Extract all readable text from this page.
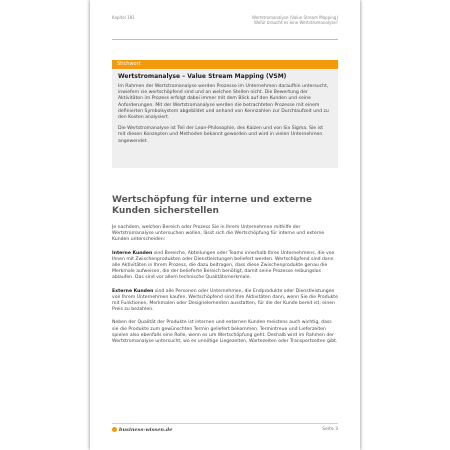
Kapitel 181	Wertstromanalyse (Value Stream Mapping)
Wofür braucht es eine Wertstromanalyse?
Stichwort
Wertstromanalyse – Value Stream Mapping (VSM)

Im Rahmen der Wertstromanalyse werden Prozesse im Unternehmen daraufhin untersucht, inwiefern sie wertschöpfend sind und an welchen Stellen nicht. Die Bewertung der Aktivitäten im Prozess erfolgt dabei immer mit dem Blick auf den Kunden und seine Anforderungen. Mit der Wertstromanalyse werden die betrachteten Prozesse mit einem definierten Symbolsystem abgebildet und anhand von Kennzahlen zur Durchlaufzeit und zu den Kosten analysiert.

Die Wertstromanalyse ist Teil der Lean-Philosophie, des Kaizen und von Six Sigma. Sie ist mit diesen Konzepten und Methoden bekannt geworden und wird in vielen Unternehmen angewendet.

Wertschöpfung für interne und externe Kunden sicherstellen

Je nachdem, welchen Bereich oder Prozess Sie in Ihrem Unternehmen mithilfe der Wertstromanalyse untersuchen wollen, lässt sich die Wertschöpfung für interne und externe Kunden unterscheiden:

Interne Kunden sind Bereiche, Abteilungen oder Teams innerhalb Ihres Unternehmens, die von Ihnen mit Zwischenprodukten oder Dienstleistungen beliefert werden. Wertschöpfend sind dann alle Aktivitäten in Ihrem Prozess, die dazu beitragen, dass diese Zwischenprodukte genau die Merkmale aufweisen, die der belieferte Bereich benötigt, damit seine Prozesse reibungslos ablaufen. Das sind vor allem technische Qualitätsmerkmale.

Externe Kunden sind alle Personen oder Unternehmen, die Endprodukte oder Dienstleistungen von Ihrem Unternehmen kaufen. Wertschöpfend sind Ihre Aktivitäten dann, wenn Sie die Produkte mit Funktionen, Merkmalen oder Designelementen ausstatten, für die der Kunde bereit ist, einen Preis zu bezahlen.

Neben der Qualität der Produkte ist internen und externen Kunden meistens auch wichtig, dass sie die Produkte zum gewünschten Termin geliefert bekommen. Termintreue und Lieferzeiten spielen also ebenfalls eine Rolle, wenn es um Wertschöpfung geht. Deshalb wird im Rahmen der Wertstromanalyse untersucht, wo es unnötige Liegezeiten, Wartezeiten oder Transportzeiten gibt.

business-wissen.de	Seite 3
